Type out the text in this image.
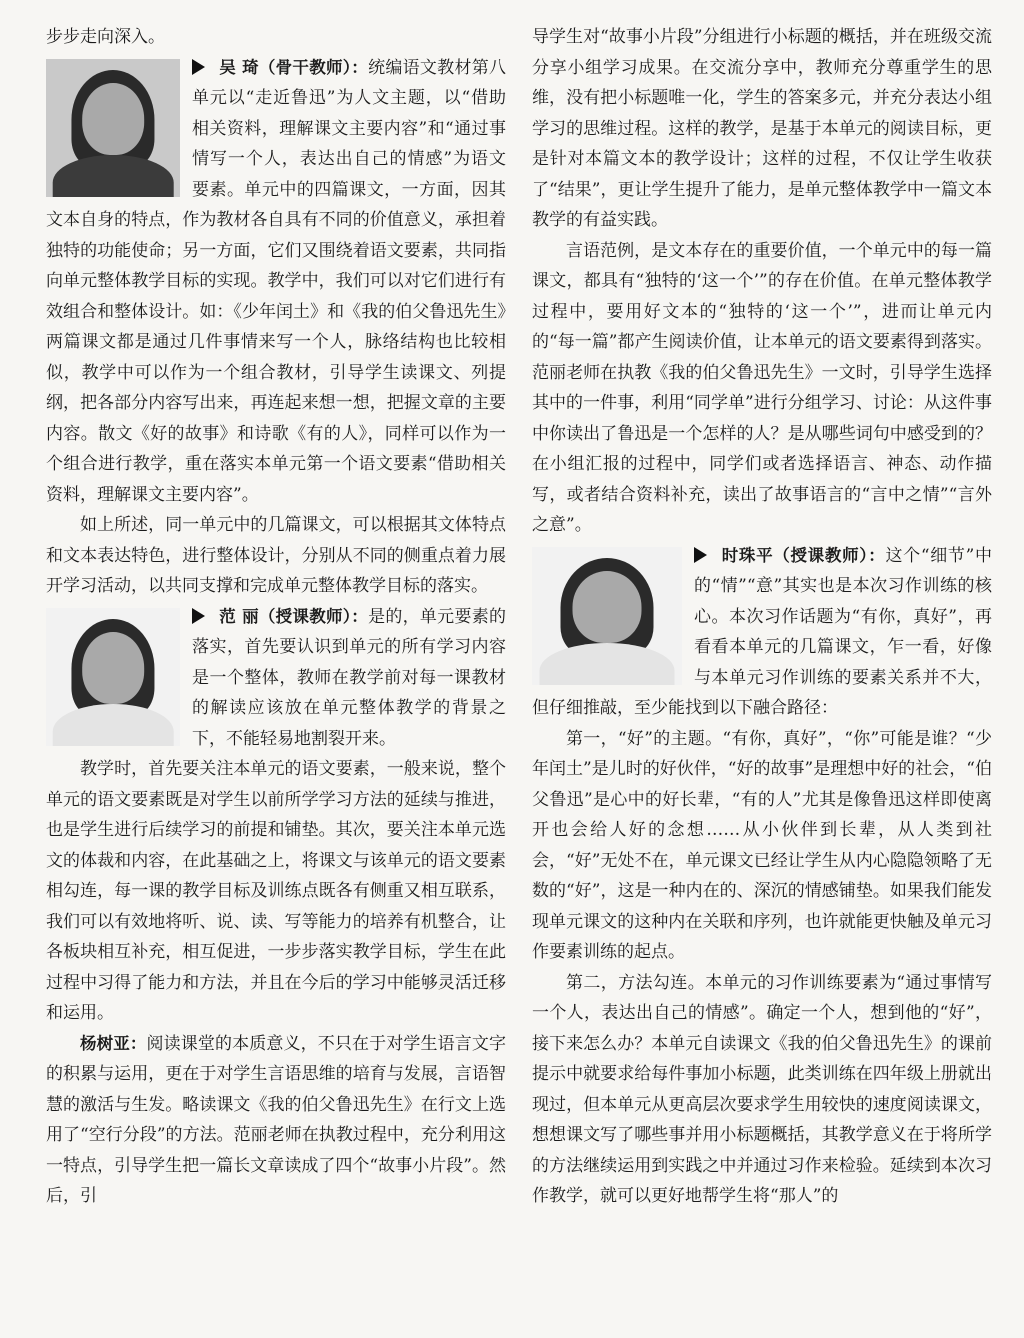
步步走向深入。

吴 琦（骨干教师）：统编语文教材第八单元以“走近鲁迅”为人文主题，以“借助相关资料，理解课文主要内容”和“通过事情写一个人，表达出自己的情感”为语文要素。单元中的四篇课文，一方面，因其文本自身的特点，作为教材各自具有不同的价值意义，承担着独特的功能使命；另一方面，它们又围绕着语文要素，共同指向单元整体教学目标的实现。教学中，我们可以对它们进行有效组合和整体设计。如：《少年闰土》和《我的伯父鲁迅先生》两篇课文都是通过几件事情来写一个人，脉络结构也比较相似，教学中可以作为一个组合教材，引导学生读课文、列提纲，把各部分内容写出来，再连起来想一想，把握文章的主要内容。散文《好的故事》和诗歌《有的人》，同样可以作为一个组合进行教学，重在落实本单元第一个语文要素“借助相关资料，理解课文主要内容”。

如上所述，同一单元中的几篇课文，可以根据其文体特点和文本表达特色，进行整体设计，分别从不同的侧重点着力展开学习活动，以共同支撑和完成单元整体教学目标的落实。

范 丽（授课教师）：是的，单元要素的落实，首先要认识到单元的所有学习内容是一个整体，教师在教学前对每一课教材的解读应该放在单元整体教学的背景之下，不能轻易地割裂开来。

教学时，首先要关注本单元的语文要素，一般来说，整个单元的语文要素既是对学生以前所学学习方法的延续与推进，也是学生进行后续学习的前提和铺垫。其次，要关注本单元选文的体裁和内容，在此基础之上，将课文与该单元的语文要素相勾连，每一课的教学目标及训练点既各有侧重又相互联系，我们可以有效地将听、说、读、写等能力的培养有机整合，让各板块相互补充，相互促进，一步步落实教学目标，学生在此过程中习得了能力和方法，并且在今后的学习中能够灵活迁移和运用。

杨树亚：阅读课堂的本质意义，不只在于对学生语言文字的积累与运用，更在于对学生言语思维的培育与发展，言语智慧的激活与生发。略读课文《我的伯父鲁迅先生》在行文上选用了“空行分段”的方法。范丽老师在执教过程中，充分利用这一特点，引导学生把一篇长文章读成了四个“故事小片段”。然后，引

导学生对“故事小片段”分组进行小标题的概括，并在班级交流分享小组学习成果。在交流分享中，教师充分尊重学生的思维，没有把小标题唯一化，学生的答案多元，并充分表达小组学习的思维过程。这样的教学，是基于本单元的阅读目标，更是针对本篇文本的教学设计；这样的过程，不仅让学生收获了“结果”，更让学生提升了能力，是单元整体教学中一篇文本教学的有益实践。

言语范例，是文本存在的重要价值，一个单元中的每一篇课文，都具有“独特的‘这一个’”的存在价值。在单元整体教学过程中，要用好文本的“独特的‘这一个’”，进而让单元内的“每一篇”都产生阅读价值，让本单元的语文要素得到落实。范丽老师在执教《我的伯父鲁迅先生》一文时，引导学生选择其中的一件事，利用“同学单”进行分组学习、讨论：从这件事中你读出了鲁迅是一个怎样的人？是从哪些词句中感受到的？在小组汇报的过程中，同学们或者选择语言、神态、动作描写，或者结合资料补充，读出了故事语言的“言中之情”“言外之意”。

时珠平（授课教师）：这个“细节”中的“情”“意”其实也是本次习作训练的核心。本次习作话题为“有你，真好”，再看看本单元的几篇课文，乍一看，好像与本单元习作训练的要素关系并不大，但仔细推敲，至少能找到以下融合路径：

第一，“好”的主题。“有你，真好”，“你”可能是谁？“少年闰土”是儿时的好伙伴，“好的故事”是理想中好的社会，“伯父鲁迅”是心中的好长辈，“有的人”尤其是像鲁迅这样即使离开也会给人好的念想……从小伙伴到长辈，从人类到社会，“好”无处不在，单元课文已经让学生从内心隐隐领略了无数的“好”，这是一种内在的、深沉的情感铺垫。如果我们能发现单元课文的这种内在关联和序列，也许就能更快触及单元习作要素训练的起点。

第二，方法勾连。本单元的习作训练要素为“通过事情写一个人，表达出自己的情感”。确定一个人，想到他的“好”，接下来怎么办？本单元自读课文《我的伯父鲁迅先生》的课前提示中就要求给每件事加小标题，此类训练在四年级上册就出现过，但本单元从更高层次要求学生用较快的速度阅读课文，想想课文写了哪些事并用小标题概括，其教学意义在于将所学的方法继续运用到实践之中并通过习作来检验。延续到本次习作教学，就可以更好地帮学生将“那人”的
